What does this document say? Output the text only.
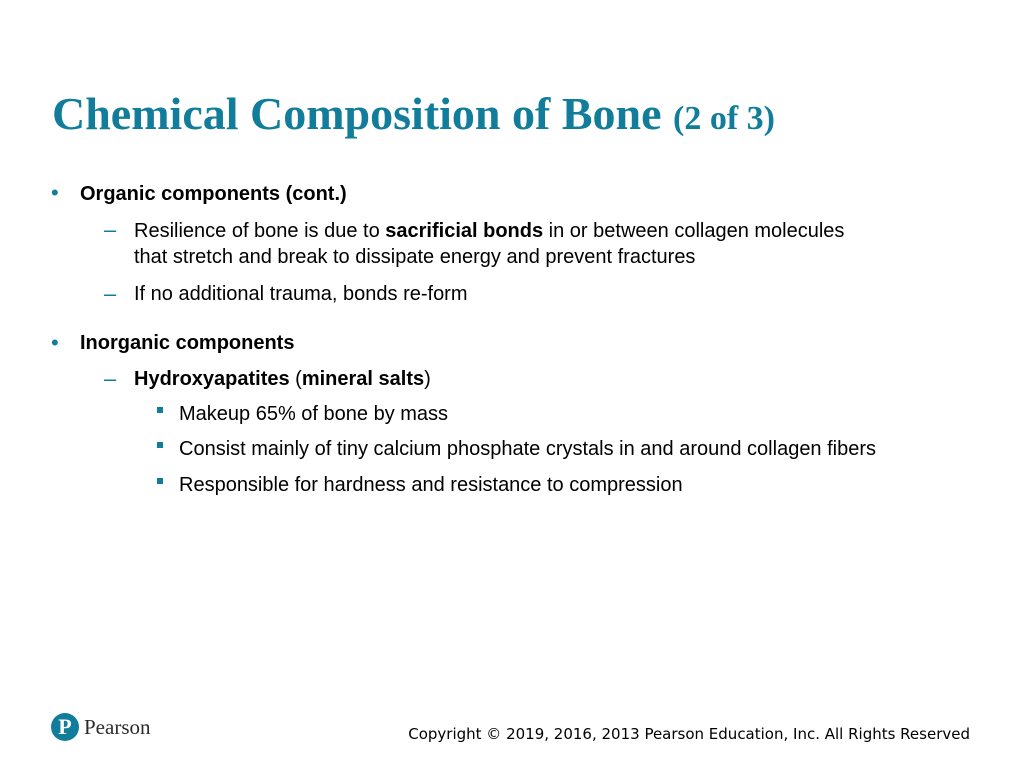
Chemical Composition of Bone (2 of 3)
• Organic components (cont.)
– Resilience of bone is due to sacrificial bonds in or between collagen molecules
that stretch and break to dissipate energy and prevent fractures
– If no additional trauma, bonds re-form
• Inorganic components
– Hydroxyapatites (mineral salts)
Makeup 65% of bone by mass
Consist mainly of tiny calcium phosphate crystals in and around collagen fibers
Responsible for hardness and resistance to compression
P Pearson	Copyright © 2019, 2016, 2013 Pearson Education, Inc. All Rights Reserved
